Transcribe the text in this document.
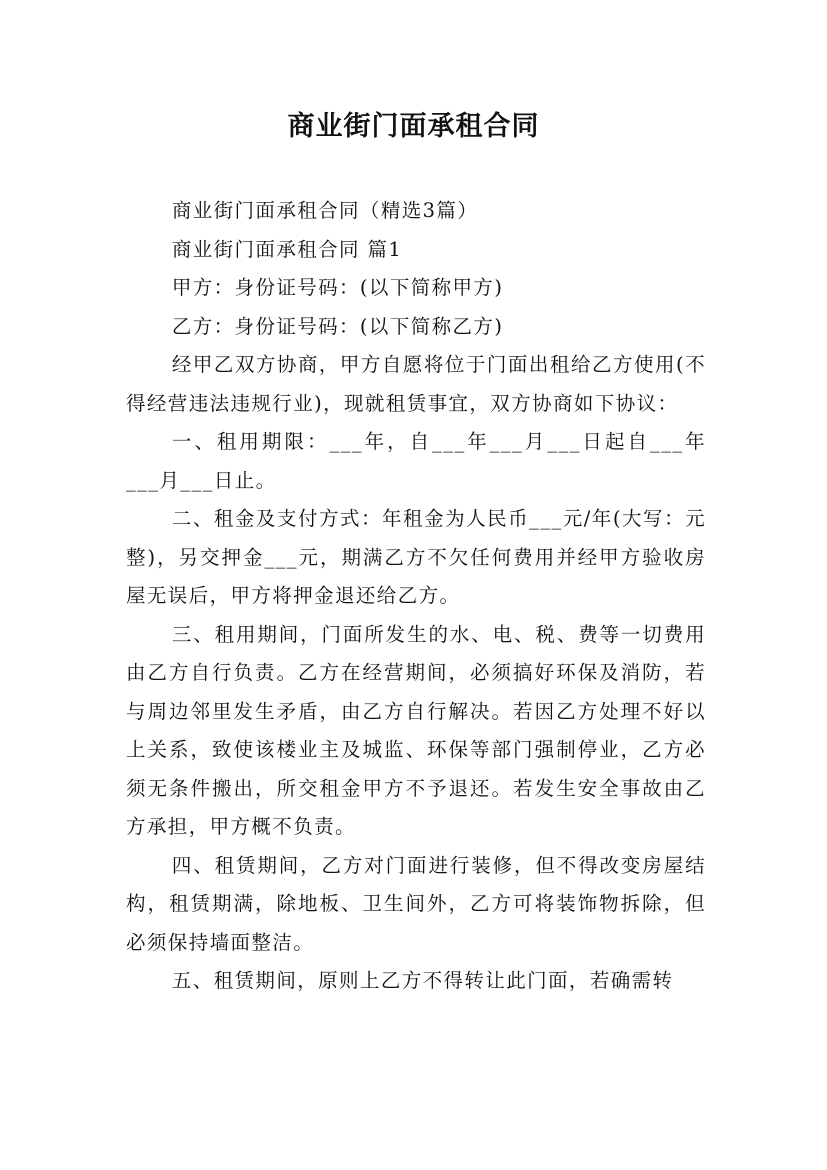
商业街门面承租合同

商业街门面承租合同（精选3篇）

商业街门面承租合同 篇1

甲方：身份证号码：(以下简称甲方)

乙方：身份证号码：(以下简称乙方)

经甲乙双方协商，甲方自愿将位于门面出租给乙方使用(不得经营违法违规行业)，现就租赁事宜，双方协商如下协议：

一、租用期限：___年，自___年___月___日起自___年___月___日止。

二、租金及支付方式：年租金为人民币___元/年(大写：元整)，另交押金___元，期满乙方不欠任何费用并经甲方验收房屋无误后，甲方将押金退还给乙方。

三、租用期间，门面所发生的水、电、税、费等一切费用由乙方自行负责。乙方在经营期间，必须搞好环保及消防，若与周边邻里发生矛盾，由乙方自行解决。若因乙方处理不好以上关系，致使该楼业主及城监、环保等部门强制停业，乙方必须无条件搬出，所交租金甲方不予退还。若发生安全事故由乙方承担，甲方概不负责。

四、租赁期间，乙方对门面进行装修，但不得改变房屋结构，租赁期满，除地板、卫生间外，乙方可将装饰物拆除，但必须保持墙面整洁。

五、租赁期间，原则上乙方不得转让此门面，若确需转
